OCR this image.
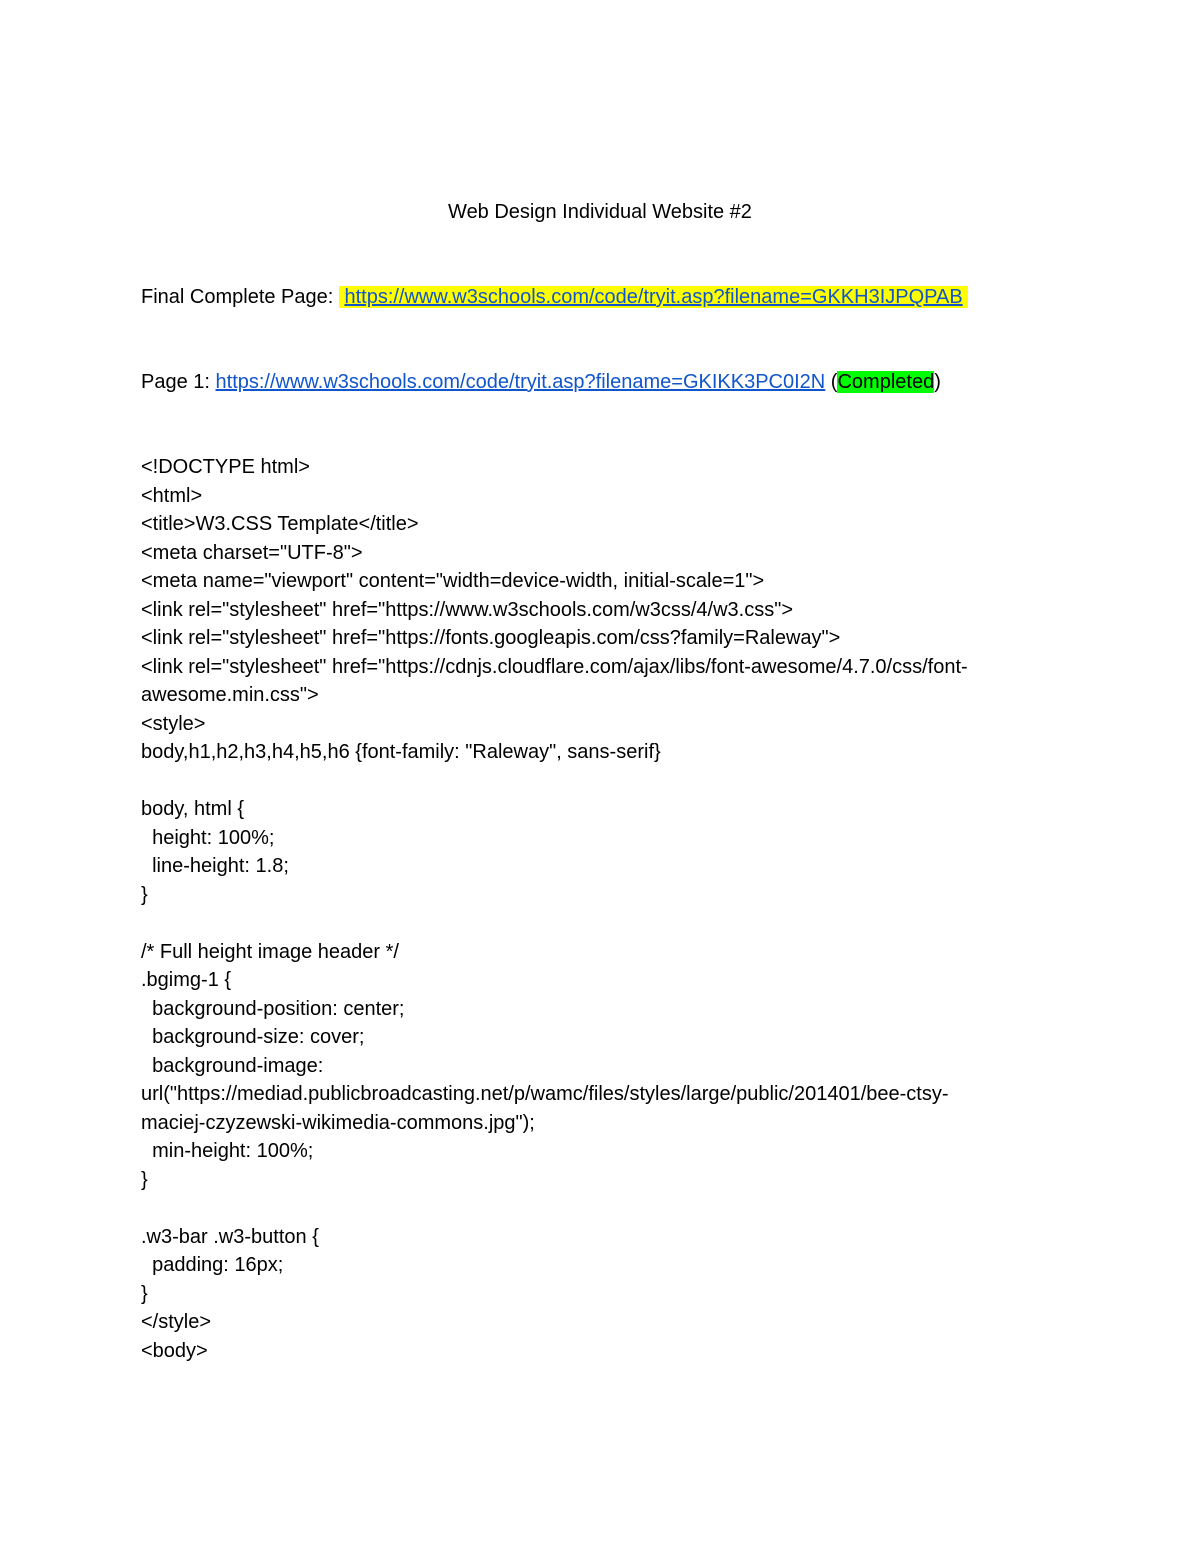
Web Design Individual Website #2
Final Complete Page: https://www.w3schools.com/code/tryit.asp?filename=GKKH3IJPQPAB
Page 1: https://www.w3schools.com/code/tryit.asp?filename=GKIKK3PC0I2N (Completed)
<!DOCTYPE html>
<html>
<title>W3.CSS Template</title>
<meta charset="UTF-8">
<meta name="viewport" content="width=device-width, initial-scale=1">
<link rel="stylesheet" href="https://www.w3schools.com/w3css/4/w3.css">
<link rel="stylesheet" href="https://fonts.googleapis.com/css?family=Raleway">
<link rel="stylesheet" href="https://cdnjs.cloudflare.com/ajax/libs/font-awesome/4.7.0/css/font-
awesome.min.css">
<style>
body,h1,h2,h3,h4,h5,h6 {font-family: "Raleway", sans-serif}
body, html {
height: 100%;
line-height: 1.8;
}
/* Full height image header */
.bgimg-1 {
background-position: center;
background-size: cover;
background-image:
url("https://mediad.publicbroadcasting.net/p/wamc/files/styles/large/public/201401/bee-ctsy-
maciej-czyzewski-wikimedia-commons.jpg");
min-height: 100%;
}
.w3-bar .w3-button {
padding: 16px;
}
</style>
<body>
